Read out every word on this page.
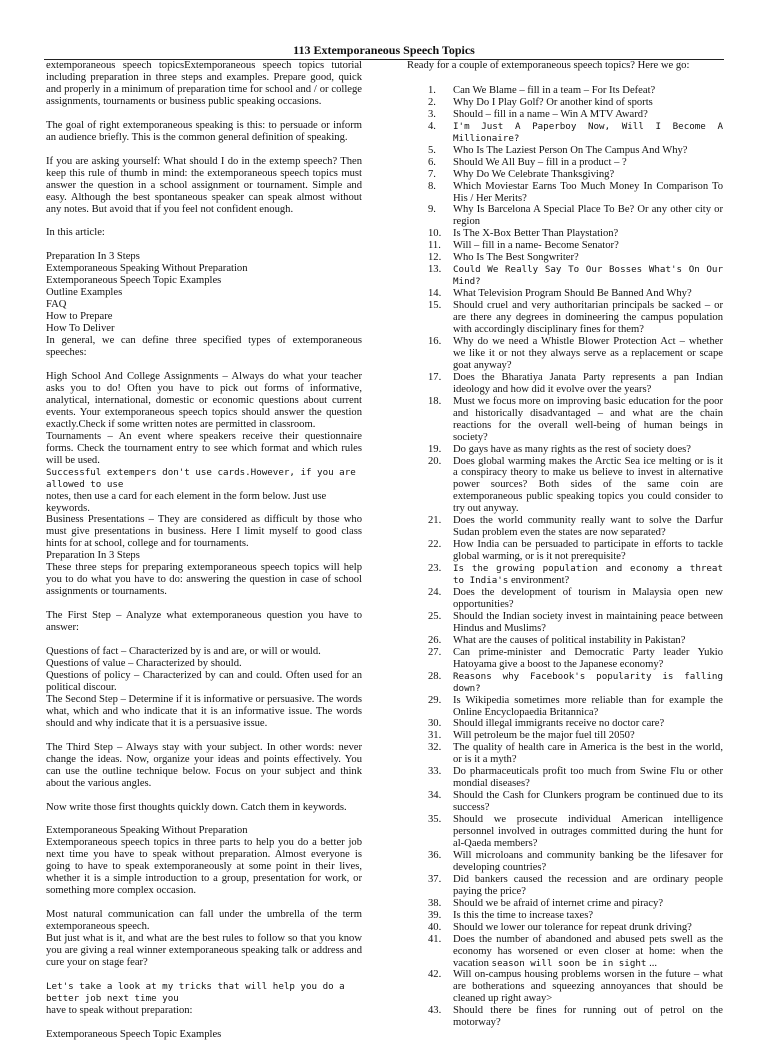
113 Extemporaneous Speech Topics

extemporaneous speech topicsExtemporaneous speech topics tutorial including preparation in three steps and examples. Prepare good, quick and properly in a minimum of preparation time for school and / or college assignments, tournaments or business public speaking occasions.

The goal of right extemporaneous speaking is this: to persuade or inform an audience briefly. This is the common general definition of speaking.

If you are asking yourself: What should I do in the extemp speech? Then keep this rule of thumb in mind: the extemporaneous speech topics must answer the question in a school assignment or tournament. Simple and easy. Although the best spontaneous speaker can speak almost without any notes. But avoid that if you feel not confident enough.

In this article:

Preparation In 3 Steps

Extemporaneous Speaking Without Preparation

Extemporaneous Speech Topic Examples

Outline Examples

FAQ

How to Prepare

How To Deliver

In general, we can define three specified types of extemporaneous speeches:

High School And College Assignments – Always do what your teacher asks you to do! Often you have to pick out forms of informative, analytical, international, domestic or economic questions about current events. Your extemporaneous speech topics should answer the question exactly.Check if some written notes are permitted in classroom.

Tournaments – An event where speakers receive their questionnaire forms. Check the tournament entry to see which format and which rules will be used.

Successful extempers don't use cards.However, if you are allowed to use

notes, then use a card for each element in the form below. Just use keywords.

Business Presentations – They are considered as difficult by those who must give presentations in business. Here I limit myself to good class hints for at school, college and for tournaments.

Preparation In 3 Steps

These three steps for preparing extemporaneous speech topics will help you to do what you have to do: answering the question in case of school assignments or tournaments.

The First Step – Analyze what extemporaneous question you have to answer:

Questions of fact – Characterized by is and are, or will or would.

Questions of value – Characterized by should.

Questions of policy – Characterized by can and could. Often used for an political discour.

The Second Step – Determine if it is informative or persuasive. The words what, which and who indicate that it is an informative issue. The words should and why indicate that it is a persuasive issue.

The Third Step – Always stay with your subject. In other words: never change the ideas. Now, organize your ideas and points effectively. You can use the outline technique below. Focus on your subject and think about the various angles.

Now write those first thoughts quickly down. Catch them in keywords.

Extemporaneous Speaking Without Preparation

Extemporaneous speech topics in three parts to help you do a better job next time you have to speak without preparation. Almost everyone is going to have to speak extemporaneously at some point in their lives, whether it is a simple introduction to a group, presentation for work, or something more complex occasion.

Most natural communication can fall under the umbrella of the term extemporaneous speech.

But just what is it, and what are the best rules to follow so that you know you are giving a real winner extemporaneous speaking talk or address and cure your on stage fear?

Let's take a look at my tricks that will help you do a better job next time you

have to speak without preparation:

Extemporaneous Speech Topic Examples

Ready for a couple of extemporaneous speech topics? Here we go:

1.	Can We Blame – fill in a team – For Its Defeat?
2.	Why Do I Play Golf? Or another kind of sports
3.	Should – fill in a name – Win A MTV Award?
4.	I'm Just A Paperboy Now, Will I Become A Millionaire?
5.	Who Is The Laziest Person On The Campus And Why?
6.	Should We All Buy – fill in a product – ?
7.	Why Do We Celebrate Thanksgiving?
8.	Which Moviestar Earns Too Much Money In Comparison To His / Her Merits?
9.	Why Is Barcelona A Special Place To Be? Or any other city or region
10.	Is The X-Box Better Than Playstation?
11.	Will – fill in a name- Become Senator?
12.	Who Is The Best Songwriter?
13.	Could We Really Say To Our Bosses What's On Our Mind?
14.	What Television Program Should Be Banned And Why?
15.	Should cruel and very authoritarian principals be sacked – or are there any degrees in domineering the campus population with accordingly disciplinary fines for them?
16.	Why do we need a Whistle Blower Protection Act – whether we like it or not they always serve as a replacement or scape goat anyway?
17.	Does the Bharatiya Janata Party represents a pan Indian ideology and how did it evolve over the years?
18.	Must we focus more on improving basic education for the poor and historically disadvantaged – and what are the chain reactions for the overall well-being of human beings in society?
19.	Do gays have as many rights as the rest of society does?
20.	Does global warming makes the Arctic Sea ice melting or is it a conspiracy theory to make us believe to invest in alternative power sources? Both sides of the same coin are extemporaneous public speaking topics you could consider to try out anyway.
21.	Does the world community really want to solve the Darfur Sudan problem even the states are now separated?
22.	How India can be persuaded to participate in efforts to tackle global warming, or is it not prerequisite?
23.	Is the growing population and economy a threat to India's environment?
24.	Does the development of tourism in Malaysia open new opportunities?
25.	Should the Indian society invest in maintaining peace between Hindus and Muslims?
26.	What are the causes of political instability in Pakistan?
27.	Can prime-minister and Democratic Party leader Yukio Hatoyama give a boost to the Japanese economy?
28.	Reasons why Facebook's popularity is falling down?
29.	Is Wikipedia sometimes more reliable than for example the Online Encyclopaedia Britannica?
30.	Should illegal immigrants receive no doctor care?
31.	Will petroleum be the major fuel till 2050?
32.	The quality of health care in America is the best in the world, or is it a myth?
33.	Do pharmaceuticals profit too much from Swine Flu or other mondial diseases?
34.	Should the Cash for Clunkers program be continued due to its success?
35.	Should we prosecute individual American intelligence personnel involved in outrages committed during the hunt for al-Qaeda members?
36.	Will microloans and community banking be the lifesaver for developing countries?
37.	Did bankers caused the recession and are ordinary people paying the price?
38.	Should we be afraid of internet crime and piracy?
39.	Is this the time to increase taxes?
40.	Should we lower our tolerance for repeat drunk driving?
41.	Does the number of abandoned and abused pets swell as the economy has worsened or even closer at home: when the vacation season will soon be in sight ...
42.	Will on-campus housing problems worsen in the future – what are botherations and squeezing annoyances that should be cleaned up right away>
43.	Should there be fines for running out of petrol on the motorway?
